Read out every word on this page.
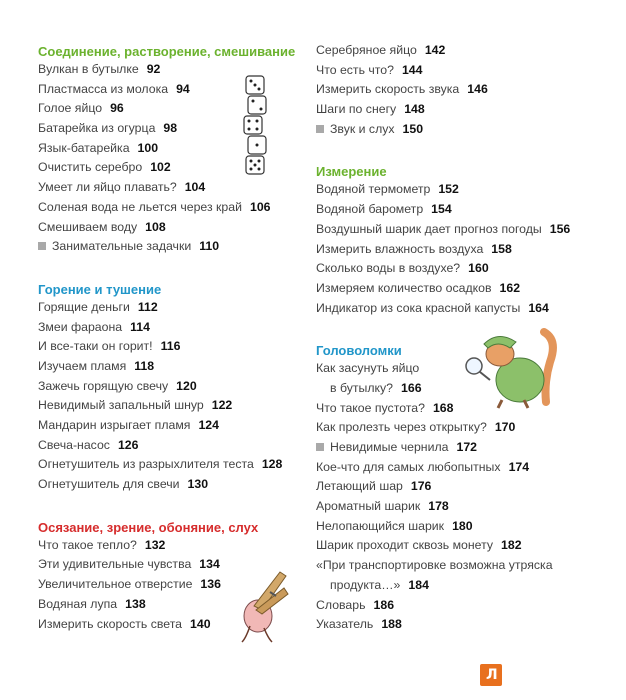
Соединение, растворение, смешивание
Вулкан в бутылке 92
Пластмасса из молока 94
Голое яйцо 96
Батарейка из огурца 98
Язык-батарейка 100
Очистить серебро 102
Умеет ли яйцо плавать? 104
Соленая вода не льется через край 106
Смешиваем воду 108
Занимательные задачки 110
Горение и тушение
Горящие деньги 112
Змеи фараона 114
И все-таки он горит! 116
Изучаем пламя 118
Зажечь горящую свечу 120
Невидимый запальный шнур 122
Мандарин изрыгает пламя 124
Свеча-насос 126
Огнетушитель из разрыхлителя теста 128
Огнетушитель для свечи 130
Осязание, зрение, обоняние, слух
Что такое тепло? 132
Эти удивительные чувства 134
Увеличительное отверстие 136
Водяная лупа 138
Измерить скорость света 140
Серебряное яйцо 142
Что есть что? 144
Измерить скорость звука 146
Шаги по снегу 148
Звук и слух 150
Измерение
Водяной термометр 152
Водяной барометр 154
Воздушный шарик дает прогноз погоды 156
Измерить влажность воздуха 158
Сколько воды в воздухе? 160
Измеряем количество осадков 162
Индикатор из сока красной капусты 164
Головоломки
Как засунуть яйцо
в бутылку? 166
Что такое пустота? 168
Как пролезть через открытку? 170
Невидимые чернила 172
Кое-что для самых любопытных 174
Летающий шар 176
Ароматный шарик 178
Нелопающийся шарик 180
Шарик проходит сквозь монету 182
«При транспортировке возможна утряска
продукта…» 184
Словарь 186
Указатель 188
Л
